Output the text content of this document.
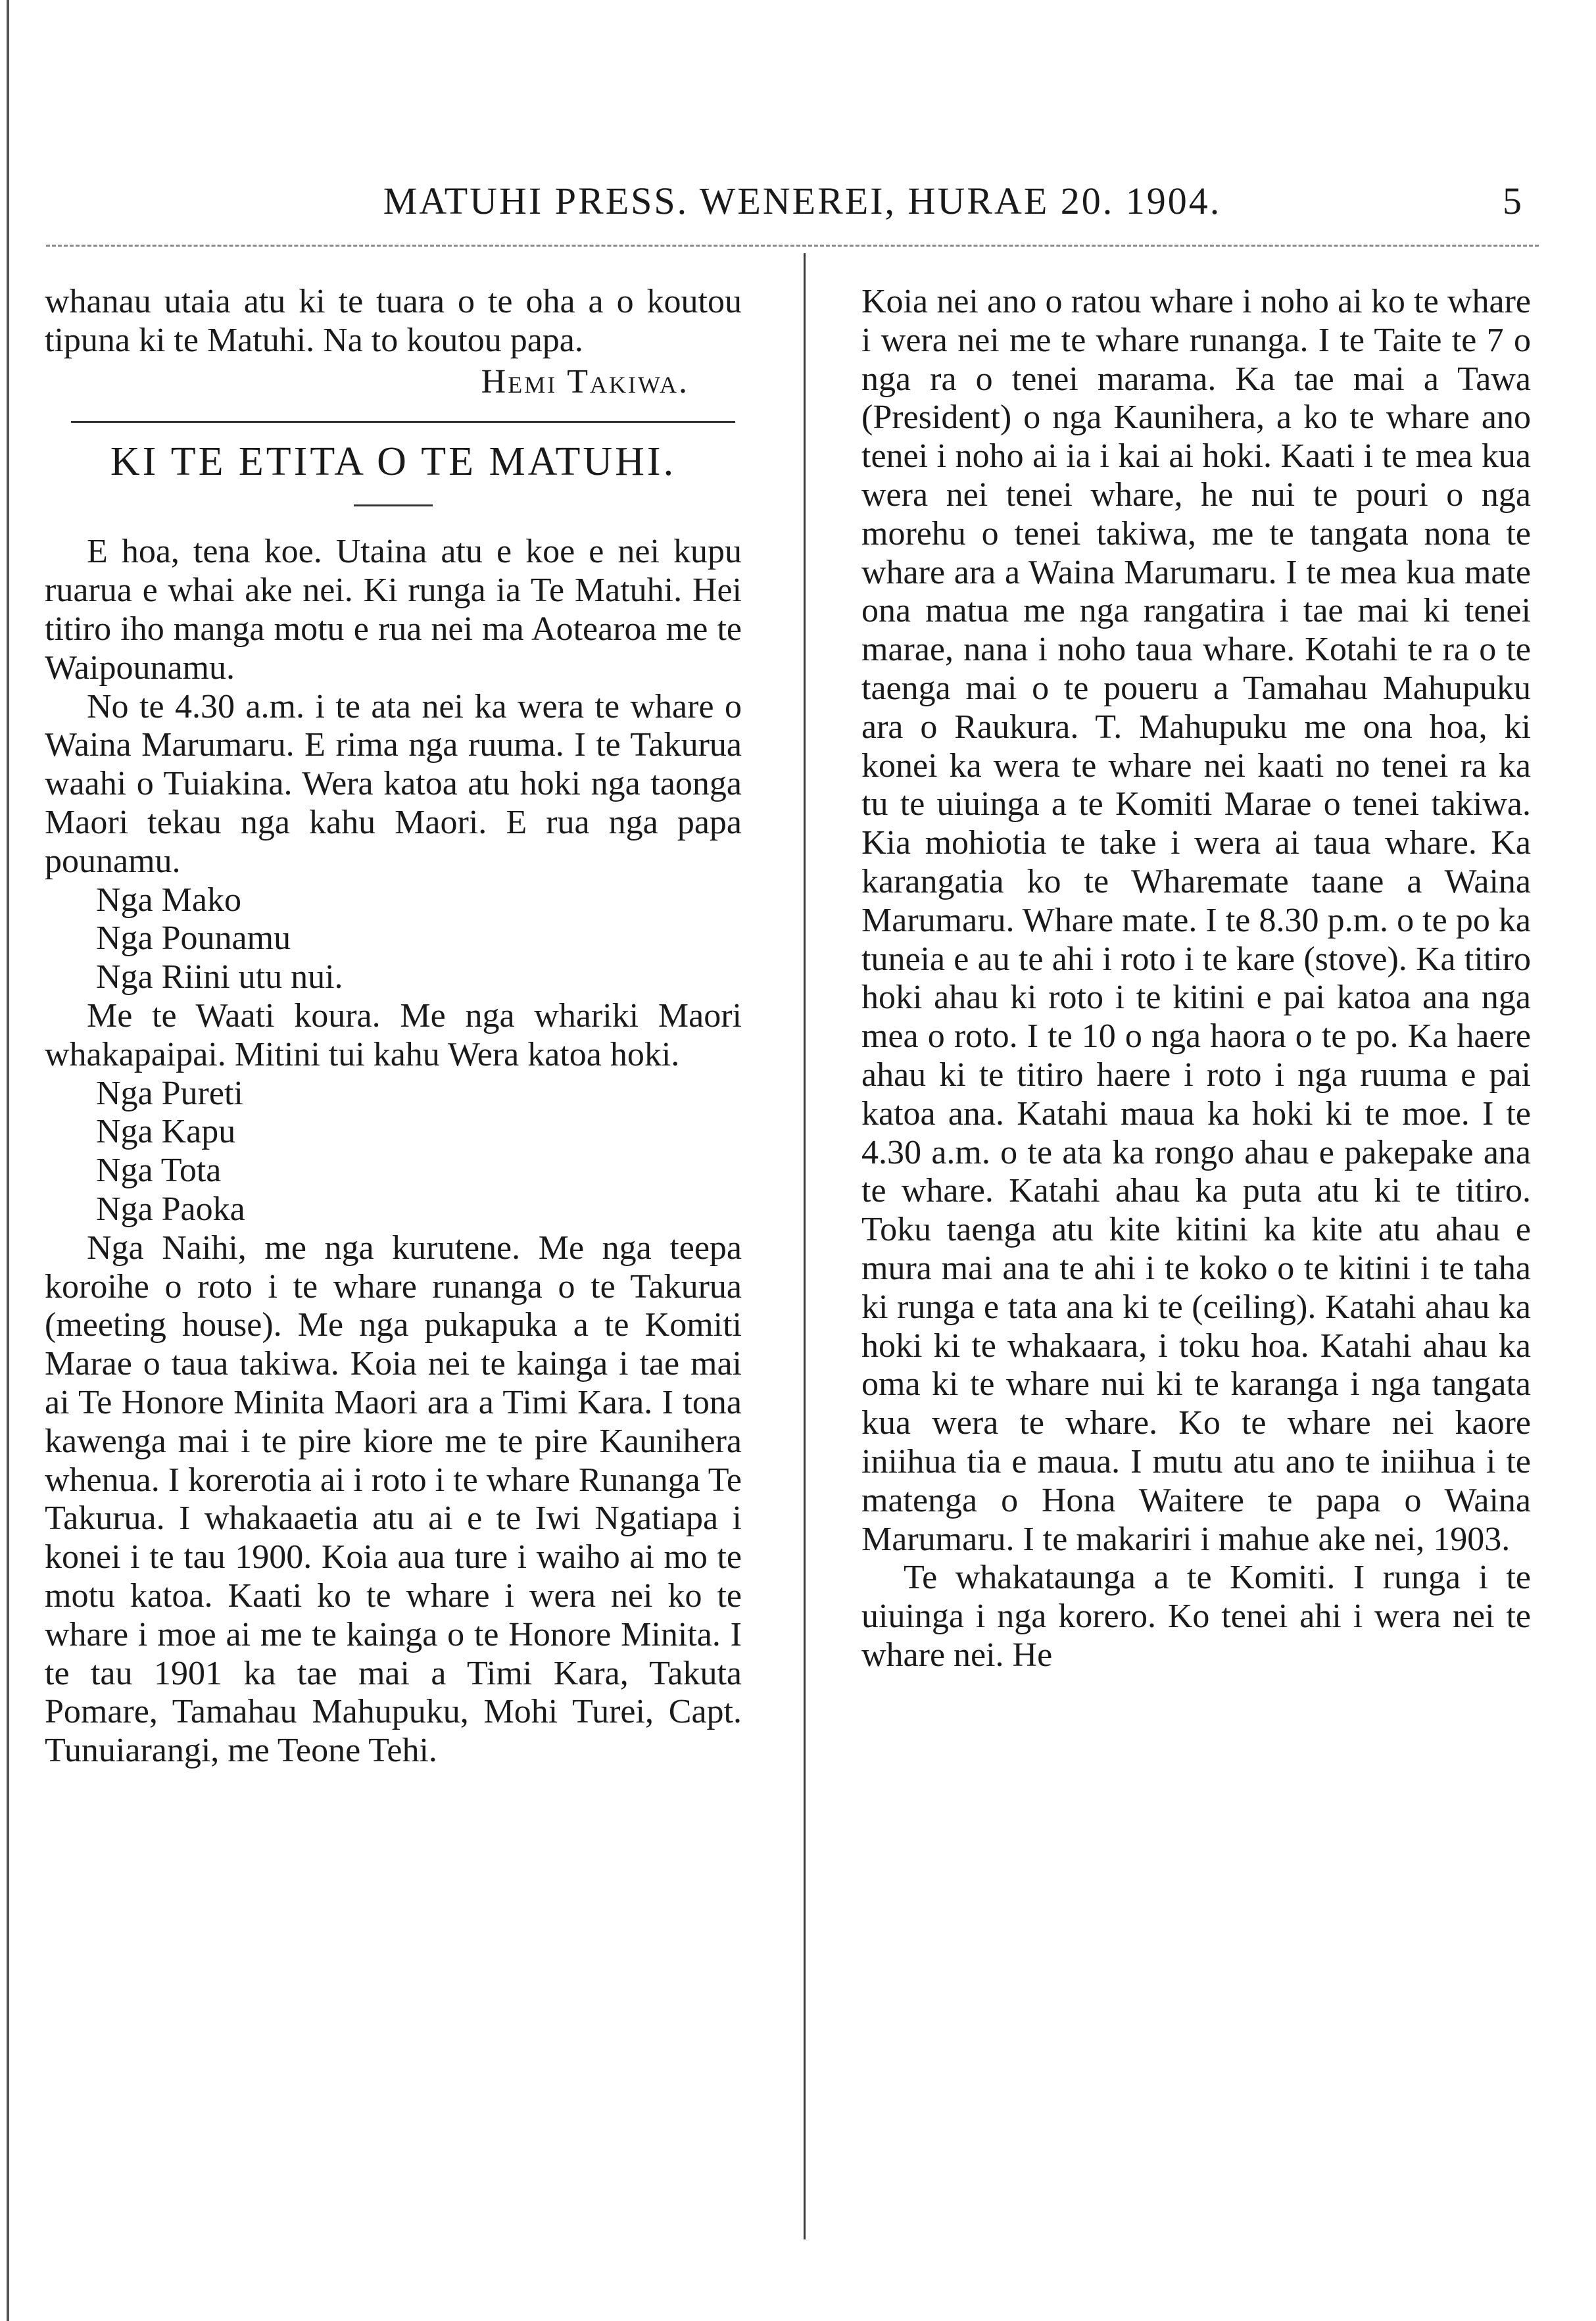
MATUHI PRESS. WENEREI, HURAE 20. 1904.	5

whanau utaia atu ki te tuara o te oha a o koutou tipuna ki te Matuhi. Na to koutou papa.

Hemi Takiwa.

KI TE ETITA O TE MATUHI.

E hoa, tena koe. Utaina atu e koe e nei kupu ruarua e whai ake nei. Ki runga ia Te Matuhi. Hei titiro iho manga motu e rua nei ma Aotearoa me te Waipounamu.

No te 4.30 a.m. i te ata nei ka wera te whare o Waina Marumaru. E rima nga ruuma. I te Takurua waahi o Tuiakina. Wera katoa atu hoki nga taonga Maori tekau nga kahu Maori. E rua nga papa pounamu.

Nga Mako

Nga Pounamu

Nga Riini utu nui.

Me te Waati koura. Me nga whariki Maori whakapaipai. Mitini tui kahu Wera katoa hoki.

Nga Pureti

Nga Kapu

Nga Tota

Nga Paoka

Nga Naihi, me nga kurutene. Me nga teepa koroihe o roto i te whare runanga o te Takurua (meeting house). Me nga pukapuka a te Komiti Marae o taua takiwa. Koia nei te kainga i tae mai ai Te Honore Minita Maori ara a Timi Kara. I tona kawenga mai i te pire kiore me te pire Kaunihera whenua. I korerotia ai i roto i te whare Runanga Te Takurua. I whakaaetia atu ai e te Iwi Ngatiapa i konei i te tau 1900. Koia aua ture i waiho ai mo te motu katoa. Kaati ko te whare i wera nei ko te whare i moe ai me te kainga o te Honore Minita. I te tau 1901 ka tae mai a Timi Kara, Takuta Pomare, Tamahau Mahupuku, Mohi Turei, Capt. Tunuiarangi, me Teone Tehi.

Koia nei ano o ratou whare i noho ai ko te whare i wera nei me te whare runanga. I te Taite te 7 o nga ra o tenei marama. Ka tae mai a Tawa (President) o nga Kaunihera, a ko te whare ano tenei i noho ai ia i kai ai hoki. Kaati i te mea kua wera nei tenei whare, he nui te pouri o nga morehu o tenei takiwa, me te tangata nona te whare ara a Waina Marumaru. I te mea kua mate ona matua me nga rangatira i tae mai ki tenei marae, nana i noho taua whare. Kotahi te ra o te taenga mai o te poueru a Tamahau Mahupuku ara o Raukura. T. Mahupuku me ona hoa, ki konei ka wera te whare nei kaati no tenei ra ka tu te uiuinga a te Komiti Marae o tenei takiwa. Kia mohiotia te take i wera ai taua whare. Ka karangatia ko te Wharemate taane a Waina Marumaru. Whare mate. I te 8.30 p.m. o te po ka tuneia e au te ahi i roto i te kare (stove). Ka titiro hoki ahau ki roto i te kitini e pai katoa ana nga mea o roto. I te 10 o nga haora o te po. Ka haere ahau ki te titiro haere i roto i nga ruuma e pai katoa ana. Katahi maua ka hoki ki te moe. I te 4.30 a.m. o te ata ka rongo ahau e pakepake ana te whare. Katahi ahau ka puta atu ki te titiro. Toku taenga atu kite kitini ka kite atu ahau e mura mai ana te ahi i te koko o te kitini i te taha ki runga e tata ana ki te (ceiling). Katahi ahau ka hoki ki te whakaara, i toku hoa. Katahi ahau ka oma ki te whare nui ki te karanga i nga tangata kua wera te whare. Ko te whare nei kaore iniihua tia e maua. I mutu atu ano te iniihua i te matenga o Hona Waitere te papa o Waina Marumaru. I te makariri i mahue ake nei, 1903.

Te whakataunga a te Komiti. I runga i te uiuinga i nga korero. Ko tenei ahi i wera nei te whare nei. He
